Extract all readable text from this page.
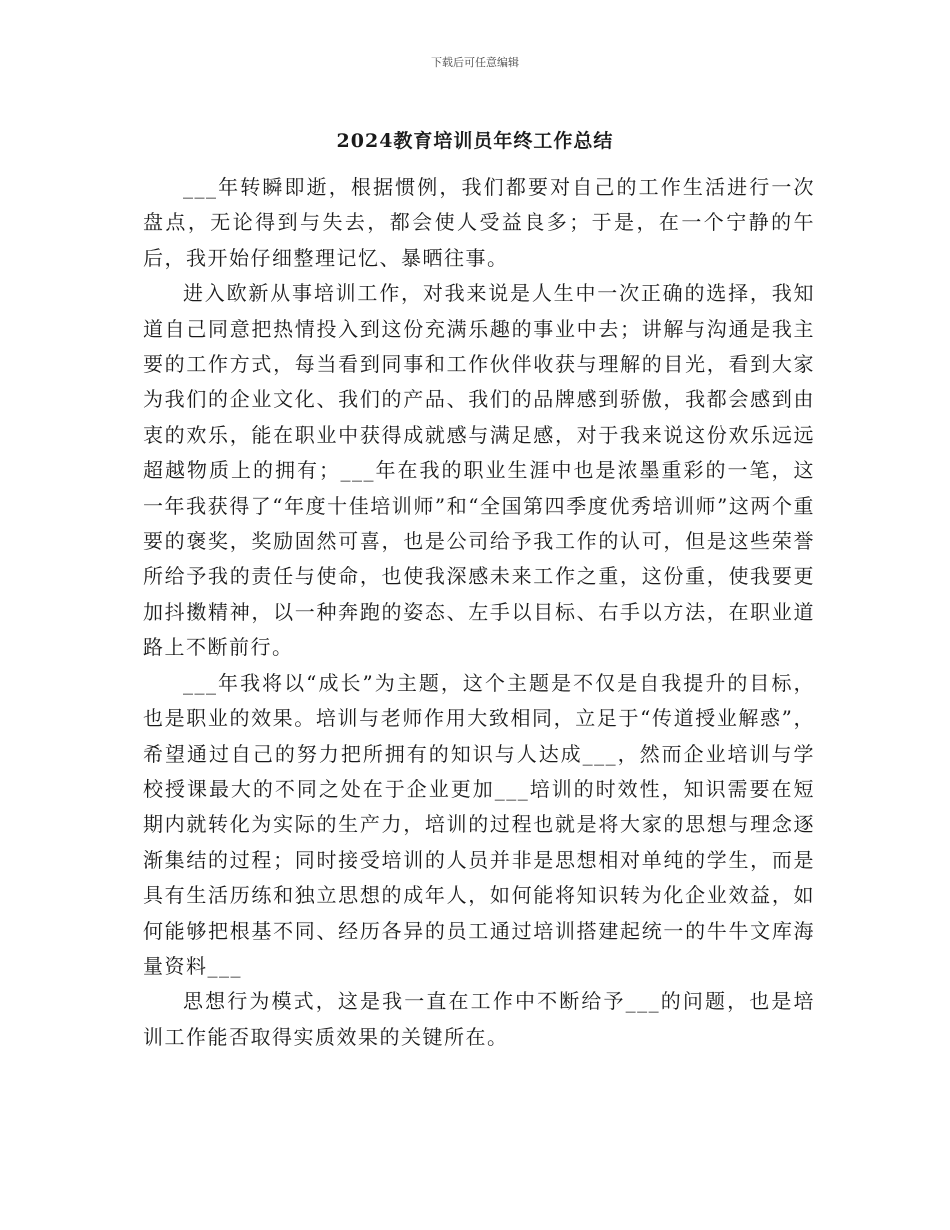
下载后可任意编辑
2024教育培训员年终工作总结

___年转瞬即逝，根据惯例，我们都要对自己的工作生活进行一次盘点，无论得到与失去，都会使人受益良多；于是，在一个宁静的午后，我开始仔细整理记忆、暴晒往事。

进入欧新从事培训工作，对我来说是人生中一次正确的选择，我知道自己同意把热情投入到这份充满乐趣的事业中去；讲解与沟通是我主要的工作方式，每当看到同事和工作伙伴收获与理解的目光，看到大家为我们的企业文化、我们的产品、我们的品牌感到骄傲，我都会感到由衷的欢乐，能在职业中获得成就感与满足感，对于我来说这份欢乐远远超越物质上的拥有；___年在我的职业生涯中也是浓墨重彩的一笔，这一年我获得了“年度十佳培训师”和“全国第四季度优秀培训师”这两个重要的褒奖，奖励固然可喜，也是公司给予我工作的认可，但是这些荣誉所给予我的责任与使命，也使我深感未来工作之重，这份重，使我要更加抖擞精神，以一种奔跑的姿态、左手以目标、右手以方法，在职业道路上不断前行。

___年我将以“成长”为主题，这个主题是不仅是自我提升的目标，也是职业的效果。培训与老师作用大致相同，立足于“传道授业解惑”，希望通过自己的努力把所拥有的知识与人达成___，然而企业培训与学校授课最大的不同之处在于企业更加___培训的时效性，知识需要在短期内就转化为实际的生产力，培训的过程也就是将大家的思想与理念逐渐集结的过程；同时接受培训的人员并非是思想相对单纯的学生，而是具有生活历练和独立思想的成年人，如何能将知识转为化企业效益，如何能够把根基不同、经历各异的员工通过培训搭建起统一的牛牛文库海量资料___

思想行为模式，这是我一直在工作中不断给予___的问题，也是培训工作能否取得实质效果的关键所在。
